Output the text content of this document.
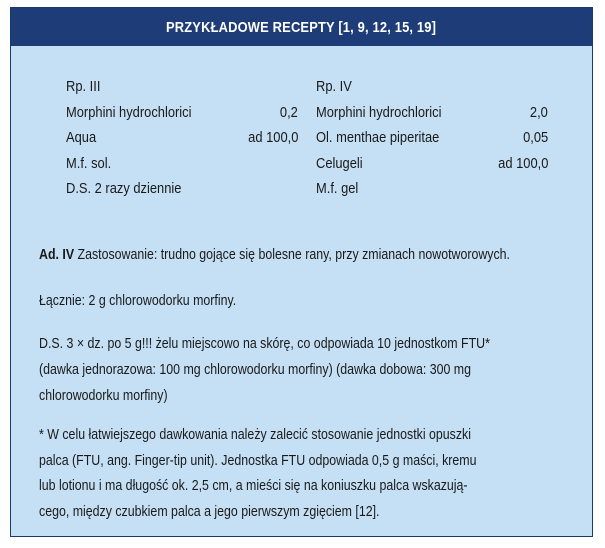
PRZYKŁADOWE RECEPTY [1, 9, 12, 15, 19]
Rp. III
Morphini hydrochlorici	0,2
Aqua	ad 100,0
M.f. sol.
D.S. 2 razy dziennie
Rp. IV
Morphini hydrochlorici	2,0
Ol. menthae piperitae	0,05
Celugeli	ad 100,0
M.f. gel
Ad. IV Zastosowanie: trudno gojące się bolesne rany, przy zmianach nowotworowych.
Łącznie: 2 g chlorowodorku morfiny.
D.S. 3 × dz. po 5 g!!! żelu miejscowo na skórę, co odpowiada 10 jednostkom FTU*
(dawka jednorazowa: 100 mg chlorowodorku morfiny) (dawka dobowa: 300 mg
chlorowodorku morfiny)
* W celu łatwiejszego dawkowania należy zalecić stosowanie jednostki opuszki
palca (FTU, ang. Finger-tip unit). Jednostka FTU odpowiada 0,5 g maści, kremu
lub lotionu i ma długość ok. 2,5 cm, a mieści się na koniuszku palca wskazują-
cego, między czubkiem palca a jego pierwszym zgięciem [12].
